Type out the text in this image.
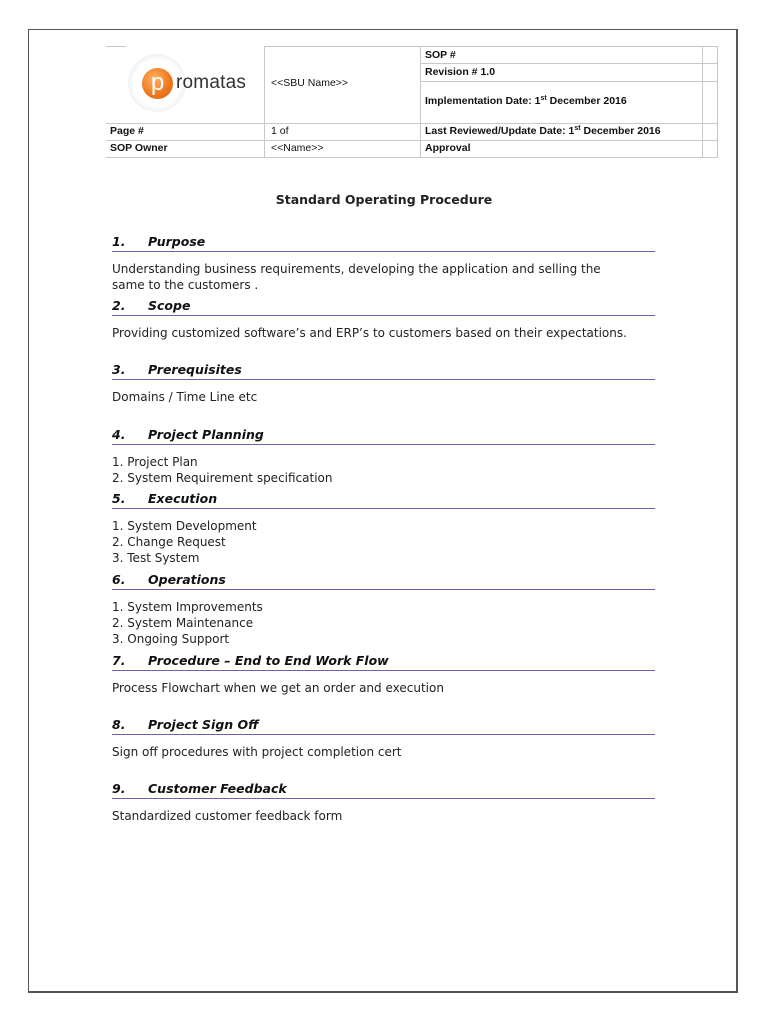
<<SBU Name>>
SOP #
Revision # 1.0
Implementation Date: 1st December 2016
Page #	1 of	Last Reviewed/Update Date: 1st December 2016
SOP Owner	<<Name>>	Approval
p romatas
Standard Operating Procedure
1. Purpose
Understanding business requirements, developing the application and selling the
same to the customers .
2. Scope
Providing customized software’s and ERP’s to customers based on their expectations.
3. Prerequisites
Domains / Time Line etc
4. Project Planning
1. Project Plan
2. System Requirement specification
5. Execution
1. System Development
2. Change Request
3. Test System
6. Operations
1. System Improvements
2. System Maintenance
3. Ongoing Support
7. Procedure – End to End Work Flow
Process Flowchart when we get an order and execution
8. Project Sign Off
Sign off procedures with project completion cert
9. Customer Feedback
Standardized customer feedback form
